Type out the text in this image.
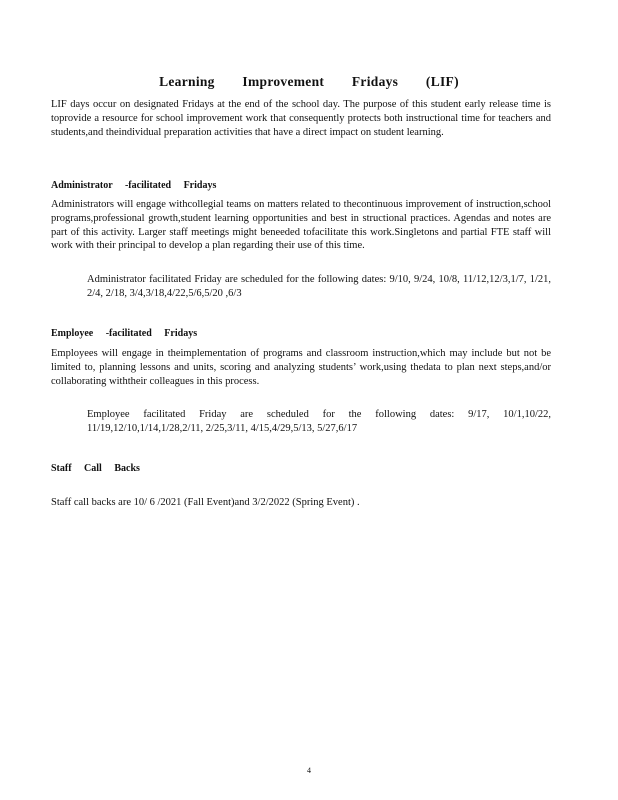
Learning Improvement Fridays (LIF)
LIF days occur on designated Fridays at the end of the school day. The purpose of this student early release time is toprovide a resource for school improvement work that consequently protects both instructional time for teachers and students,and theindividual preparation activities that have a direct impact on student learning.
Administrator -facilitated Fridays
Administrators will engage withcollegial teams on matters related to thecontinuous improvement of instruction,school programs,professional growth,student learning opportunities and best in structional practices. Agendas and notes are part of this activity. Larger staff meetings might beneeded tofacilitate this work.Singletons and partial FTE staff will work with their principal to develop a plan regarding their use of this time.
Administrator facilitated Friday are scheduled for the following dates: 9/10, 9/24, 10/8, 11/12,12/3,1/7, 1/21, 2/4, 2/18, 3/4,3/18,4/22,5/6,5/20 ,6/3
Employee -facilitated Fridays
Employees will engage in theimplementation of programs and classroom instruction,which may include but not be limited to, planning lessons and units, scoring and analyzing students’ work,using thedata to plan next steps,and/or collaborating withtheir colleagues in this process.
Employee facilitated Friday are scheduled for the following dates: 9/17, 10/1,10/22, 11/19,12/10,1/14,1/28,2/11, 2/25,3/11, 4/15,4/29,5/13, 5/27,6/17
Staff Call Backs
Staff call backs are 10/ 6 /2021 (Fall Event)and 3/2/2022 (Spring Event) .
4
